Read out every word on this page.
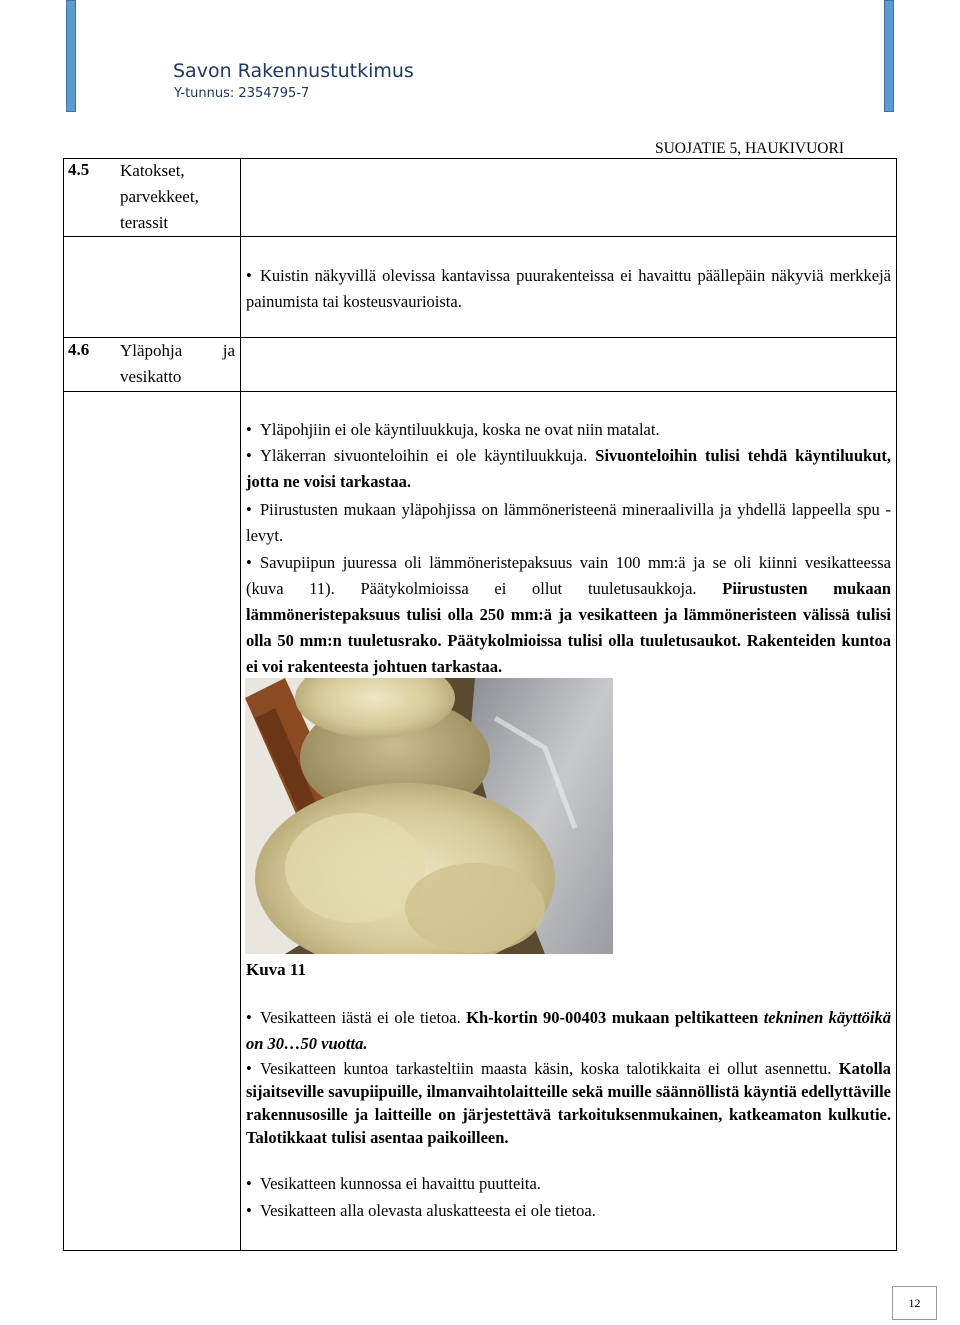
Savon Rakennustutkimus
Y-tunnus: 2354795-7
SUOJATIE 5, HAUKIVUORI
4.5 Katokset,
parvekkeet,
terassit
• Kuistin näkyvillä olevissa kantavissa puurakenteissa ei havaittu päällepäin näkyviä merkkejä painumista tai kosteusvaurioista.
4.6 Yläpohja ja
vesikatto
• Yläpohjiin ei ole käyntiluukkuja, koska ne ovat niin matalat.
• Yläkerran sivuonteloihin ei ole käyntiluukkuja. Sivuonteloihin tulisi tehdä käyntiluukut, jotta ne voisi tarkastaa.
• Piirustusten mukaan yläpohjissa on lämmöneristeenä mineraalivilla ja yhdellä lappeella spu -levyt.
• Savupiipun juuressa oli lämmöneristepaksuus vain 100 mm:ä ja se oli kiinni vesikatteessa (kuva 11). Päätykolmioissa ei ollut tuuletusaukkoja. Piirustusten mukaan lämmöneristepaksuus tulisi olla 250 mm:ä ja vesikatteen ja lämmöneristeen välissä tulisi olla 50 mm:n tuuletusrako. Päätykolmioissa tulisi olla tuuletusaukot. Rakenteiden kuntoa ei voi rakenteesta johtuen tarkastaa.
Kuva 11
• Vesikatteen iästä ei ole tietoa. Kh-kortin 90-00403 mukaan peltikatteen tekninen käyttöikä on 30…50 vuotta.
• Vesikatteen kuntoa tarkasteltiin maasta käsin, koska talotikkaita ei ollut asennettu. Katolla sijaitseville savupiipuille, ilmanvaihtolaitteille sekä muille säännöllistä käyntiä edellyttäville rakennusosille ja laitteille on järjestettävä tarkoituksenmukainen, katkeamaton kulkutie. Talotikkaat tulisi asentaa paikoilleen.
• Vesikatteen kunnossa ei havaittu puutteita.
• Vesikatteen alla olevasta aluskatteesta ei ole tietoa.
12
